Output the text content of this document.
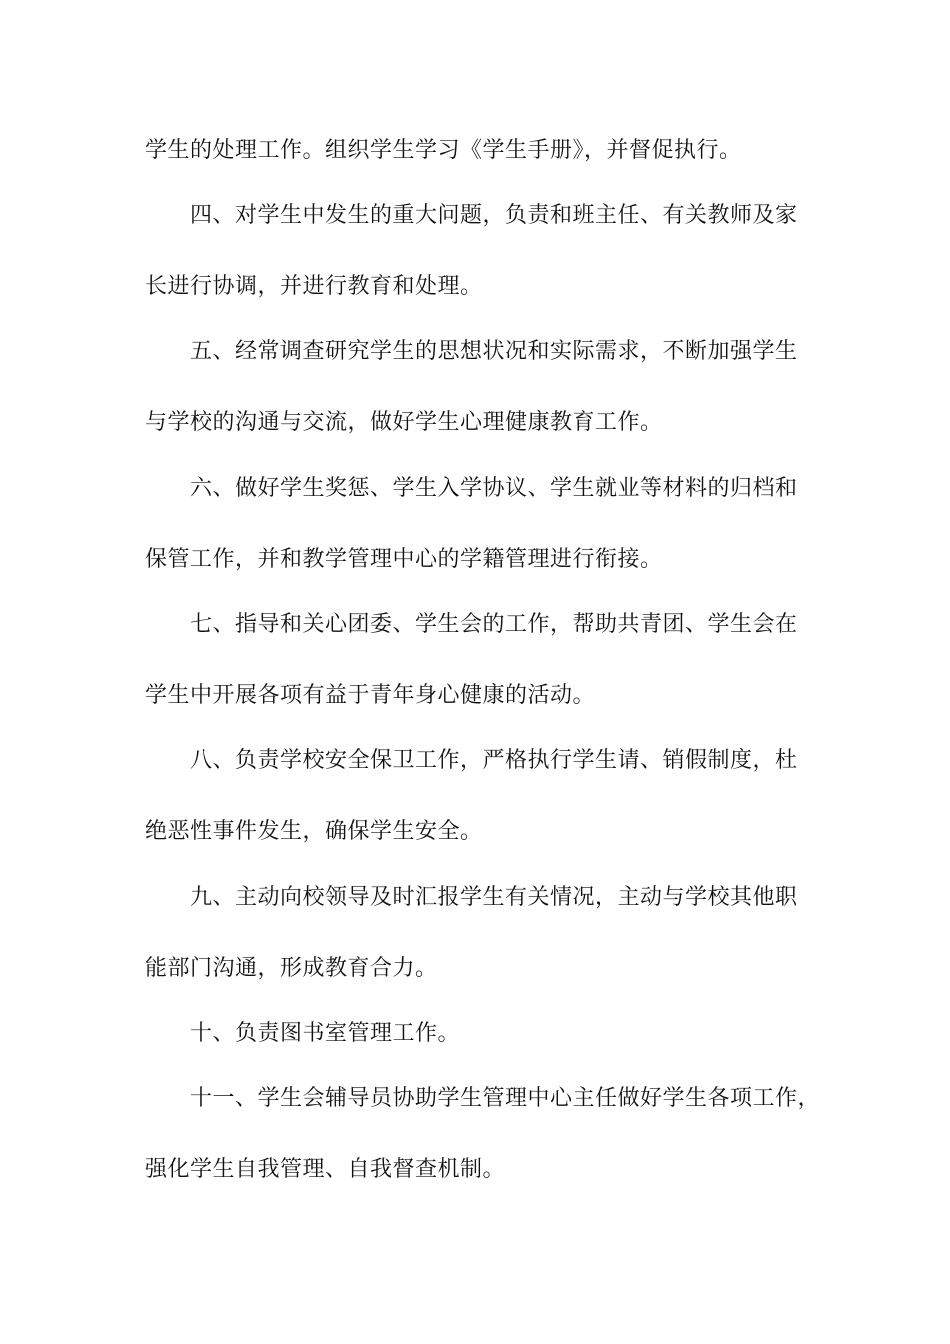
学生的处理工作。组织学生学习《学生手册》，并督促执行。
四、对学生中发生的重大问题，负责和班主任、有关教师及家
长进行协调，并进行教育和处理。
五、经常调查研究学生的思想状况和实际需求，不断加强学生
与学校的沟通与交流，做好学生心理健康教育工作。
六、做好学生奖惩、学生入学协议、学生就业等材料的归档和
保管工作，并和教学管理中心的学籍管理进行衔接。
七、指导和关心团委、学生会的工作，帮助共青团、学生会在
学生中开展各项有益于青年身心健康的活动。
八、负责学校安全保卫工作，严格执行学生请、销假制度，杜
绝恶性事件发生，确保学生安全。
九、主动向校领导及时汇报学生有关情况，主动与学校其他职
能部门沟通，形成教育合力。
十、负责图书室管理工作。
十一、学生会辅导员协助学生管理中心主任做好学生各项工作，
强化学生自我管理、自我督查机制。
